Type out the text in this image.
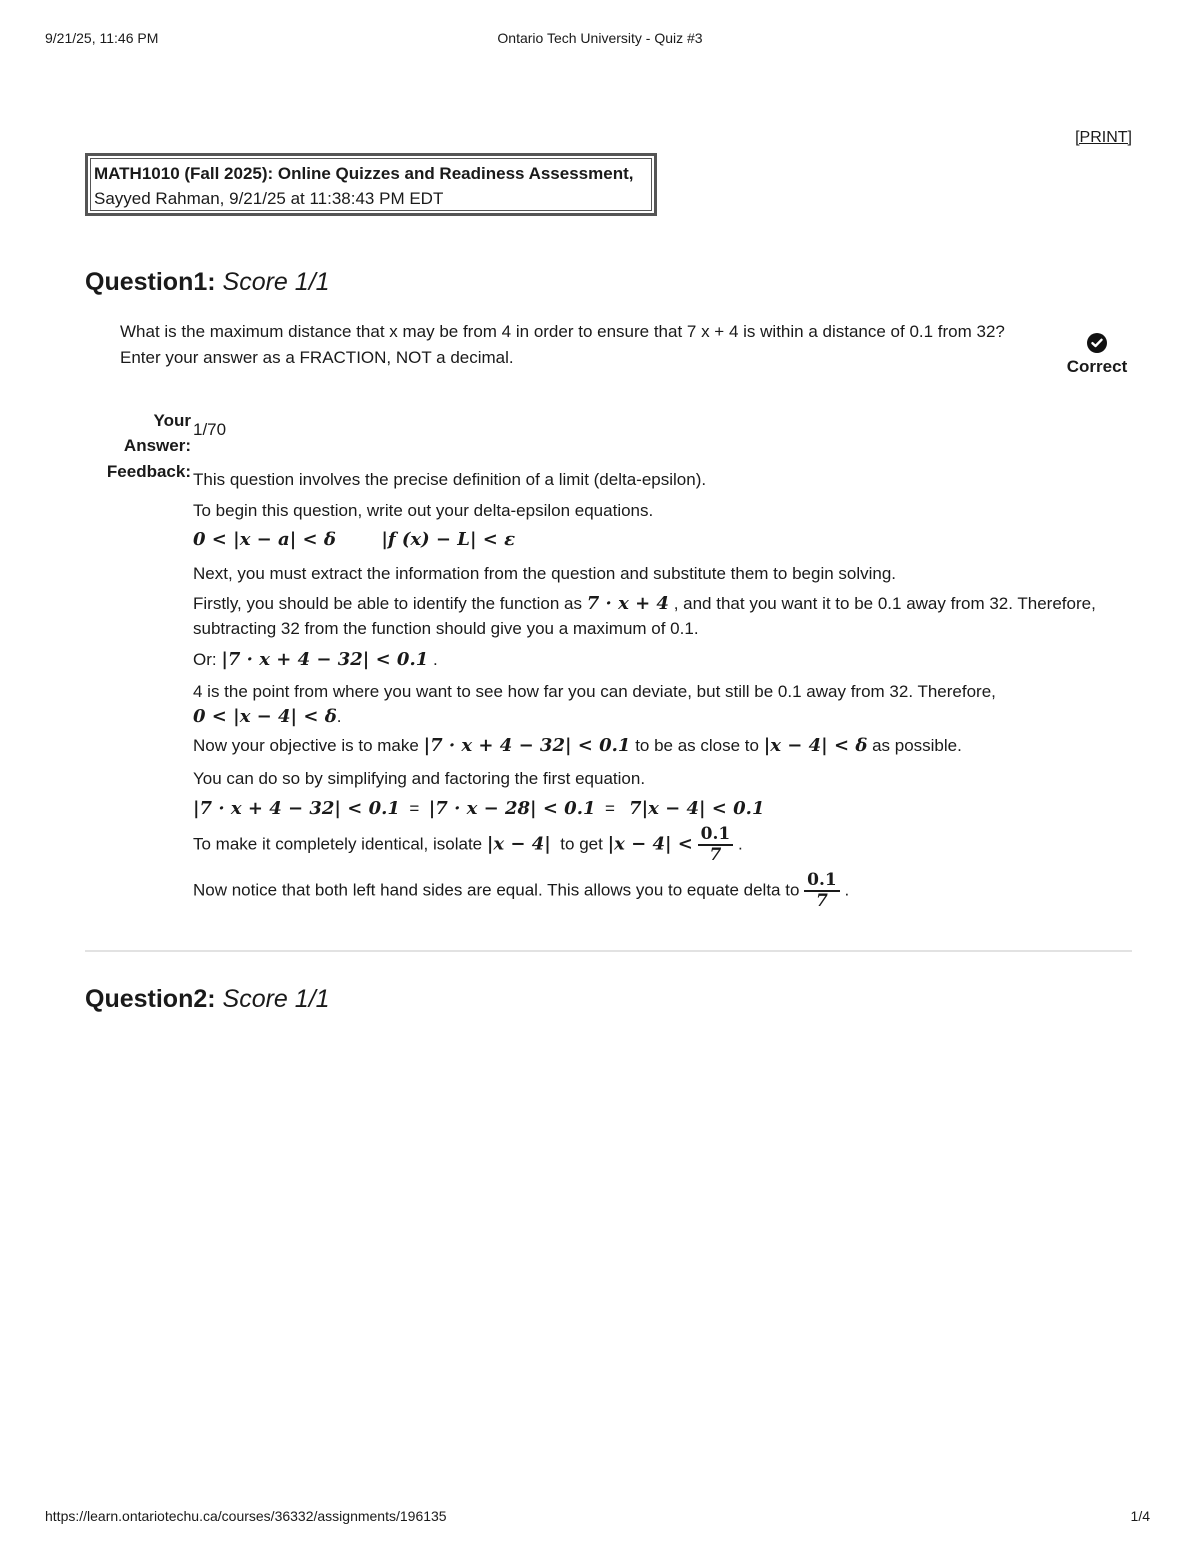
9/21/25, 11:46 PM	Ontario Tech University - Quiz #3
[PRINT]
MATH1010 (Fall 2025): Online Quizzes and Readiness Assessment,
Sayyed Rahman, 9/21/25 at 11:38:43 PM EDT
Question1: Score 1/1
What is the maximum distance that x may be from 4 in order to ensure that 7 x + 4 is within a distance of 0.1 from 32?
Enter your answer as a FRACTION, NOT a decimal.	Correct
Your
Answer:
1/70
Feedback: This question involves the precise definition of a limit (delta-epsilon).
To begin this question, write out your delta-epsilon equations.
0 < |x − a| < δ	|f (x) − L| < ε
Next, you must extract the information from the question and substitute them to begin solving.
Firstly, you should be able to identify the function as 7 · x + 4 , and that you want it to be 0.1 away from 32. Therefore,
subtracting 32 from the function should give you a maximum of 0.1.
Or: |7 · x + 4 − 32| < 0.1 .
4 is the point from where you want to see how far you can deviate, but still be 0.1 away from 32. Therefore,
0 < |x − 4| < δ.
Now your objective is to make |7 · x + 4 − 32| < 0.1 to be as close to |x − 4| < δ as possible.
You can do so by simplifying and factoring the first equation.
|7 · x + 4 − 32| < 0.1 = |7 · x − 28| < 0.1 = 7|x − 4| < 0.1
To make it completely identical, isolate |x − 4| to get $|x - 4| < \frac{0.1}{7}$ .
Now notice that both left hand sides are equal. This allows you to equate delta to $\frac{0.1}{7}$ .
Question2: Score 1/1
https://learn.ontariotechu.ca/courses/36332/assignments/196135	1/4
